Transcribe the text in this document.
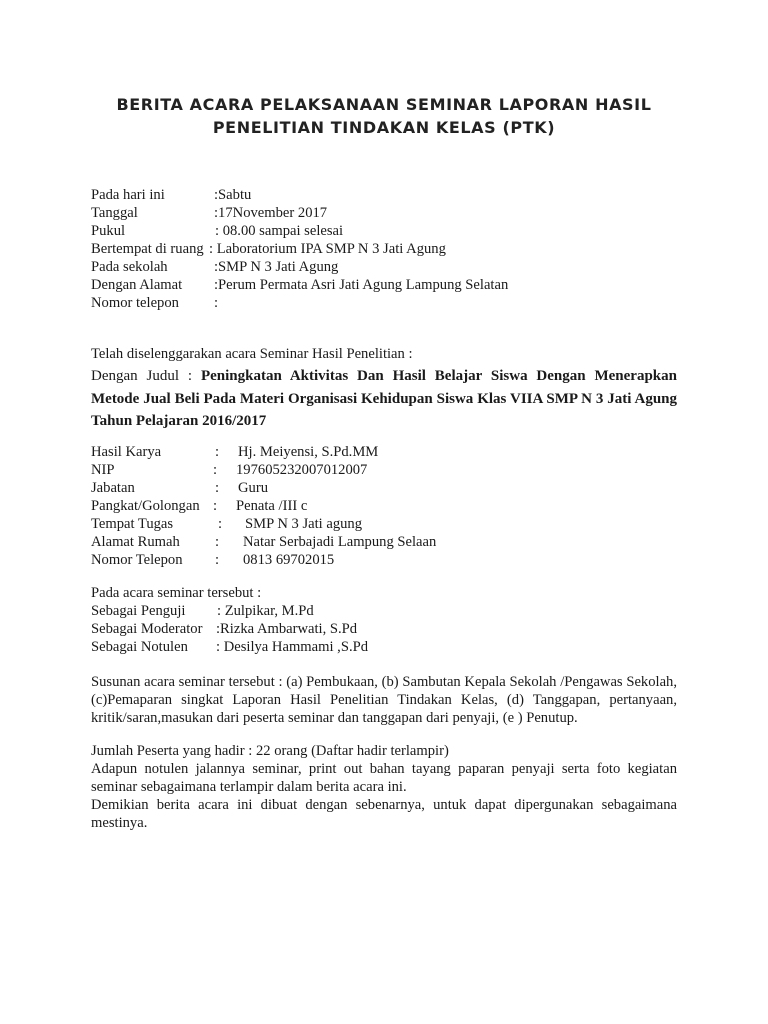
BERITA ACARA PELAKSANAAN SEMINAR LAPORAN HASIL
PENELITIAN TINDAKAN KELAS (PTK)
Pada hari ini	:Sabtu
Tanggal	:17November 2017
Pukul	: 08.00 sampai selesai
Bertempat di ruang : Laboratorium IPA SMP N 3 Jati Agung
Pada sekolah	:SMP N 3 Jati Agung
Dengan Alamat :Perum Permata Asri Jati Agung Lampung Selatan
Nomor telepon :
Telah diselenggarakan acara Seminar Hasil Penelitian :
Dengan Judul : Peningkatan Aktivitas Dan Hasil Belajar Siswa Dengan Menerapkan Metode Jual Beli Pada Materi Organisasi Kehidupan Siswa Klas VIIA SMP N 3 Jati Agung Tahun Pelajaran 2016/2017
Hasil Karya	: Hj. Meiyensi, S.Pd.MM
NIP	: 197605232007012007
Jabatan	: Guru
Pangkat/Golongan : Penata /III c
Tempat Tugas	: SMP N 3 Jati agung
Alamat Rumah : Natar Serbajadi Lampung Selaan
Nomor Telepon : 0813 69702015
Pada acara seminar tersebut :
Sebagai Penguji : Zulpikar, M.Pd
Sebagai Moderator :Rizka Ambarwati, S.Pd
Sebagai Notulen : Desilya Hammami ,S.Pd
Susunan acara seminar tersebut : (a) Pembukaan, (b) Sambutan Kepala Sekolah /Pengawas Sekolah, (c)Pemaparan singkat Laporan Hasil Penelitian Tindakan Kelas, (d) Tanggapan, pertanyaan, kritik/saran,masukan dari peserta seminar dan tanggapan dari penyaji, (e ) Penutup.
Jumlah Peserta yang hadir : 22 orang (Daftar hadir terlampir)
Adapun notulen jalannya seminar, print out bahan tayang paparan penyaji serta foto kegiatan seminar sebagaimana terlampir dalam berita acara ini.
Demikian berita acara ini dibuat dengan sebenarnya, untuk dapat dipergunakan sebagaimana mestinya.
